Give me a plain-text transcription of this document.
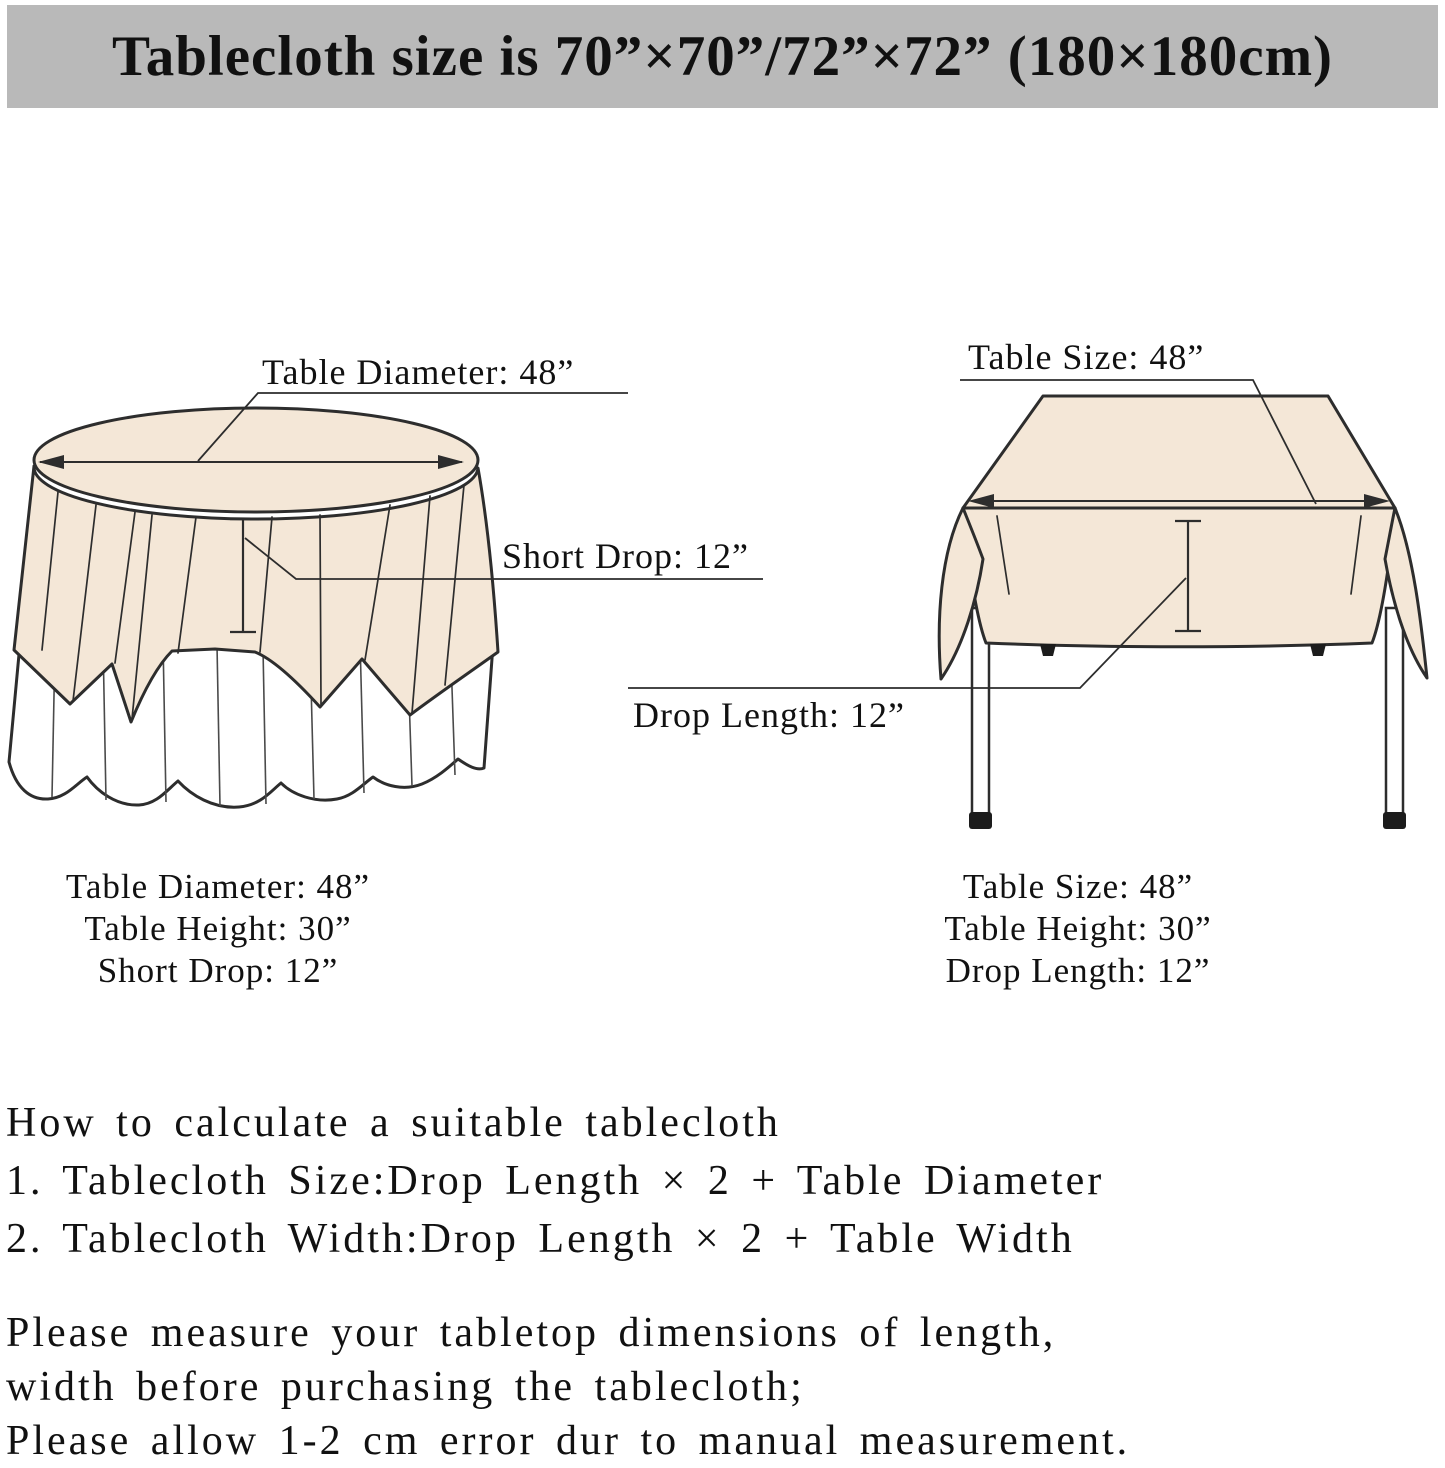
Tablecloth size is 70”×70”/72”×72” (180×180cm)
Table Diameter: 48”
Short Drop: 12”
Table Size: 48”
Drop Length: 12”
Table Diameter: 48”
Table Height: 30”
Short Drop: 12”
Table Size: 48”
Table Height: 30”
Drop Length: 12”
How to calculate a suitable tablecloth
1. Tablecloth Size:Drop Length × 2 + Table Diameter
2. Tablecloth Width:Drop Length × 2 + Table Width
Please measure your tabletop dimensions of length,
width before purchasing the tablecloth;
Please allow 1-2 cm error dur to manual measurement.
